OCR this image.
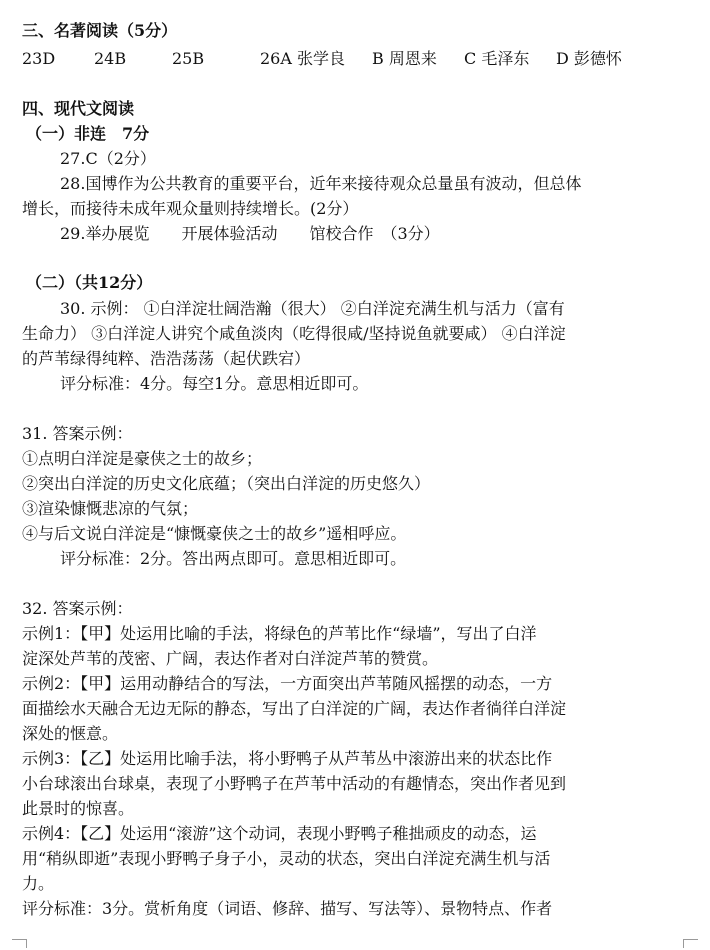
三、名著阅读（5分）
23D 24B	25B	26A 张学良 B 周恩来 C 毛泽东 D 彭德怀
四、现代文阅读
（一）非连　7分
27.C（2分）
28.国博作为公共教育的重要平台，近年来接待观众总量虽有波动，但总体
增长，而接待未成年观众量则持续增长。(2分）
29.举办展览　　开展体验活动　　馆校合作　（3分）
（二）（共12分）
30. 示例： ①白洋淀壮阔浩瀚（很大） ②白洋淀充满生机与活力（富有
生命力） ③白洋淀人讲究个咸鱼淡肉（吃得很咸/坚持说鱼就要咸） ④白洋淀
的芦苇绿得纯粹、浩浩荡荡（起伏跌宕）
评分标准：4分。每空1分。意思相近即可。
31. 答案示例：
①点明白洋淀是豪侠之士的故乡；
②突出白洋淀的历史文化底蕴；（突出白洋淀的历史悠久）
③渲染慷慨悲凉的气氛；
④与后文说白洋淀是“慷慨豪侠之士的故乡”遥相呼应。
评分标准：2分。答出两点即可。意思相近即可。
32. 答案示例：
示例1：【甲】处运用比喻的手法，将绿色的芦苇比作“绿墙”，写出了白洋
淀深处芦苇的茂密、广阔，表达作者对白洋淀芦苇的赞赏。
示例2：【甲】运用动静结合的写法，一方面突出芦苇随风摇摆的动态，一方
面描绘水天融合无边无际的静态，写出了白洋淀的广阔，表达作者徜徉白洋淀
深处的惬意。
示例3：【乙】处运用比喻手法，将小野鸭子从芦苇丛中滚游出来的状态比作
小台球滚出台球桌，表现了小野鸭子在芦苇中活动的有趣情态，突出作者见到
此景时的惊喜。
示例4：【乙】处运用“滚游”这个动词，表现小野鸭子稚拙顽皮的动态，运
用“稍纵即逝”表现小野鸭子身子小，灵动的状态，突出白洋淀充满生机与活
力。
评分标准：3分。赏析角度（词语、修辞、描写、写法等）、景物特点、作者
